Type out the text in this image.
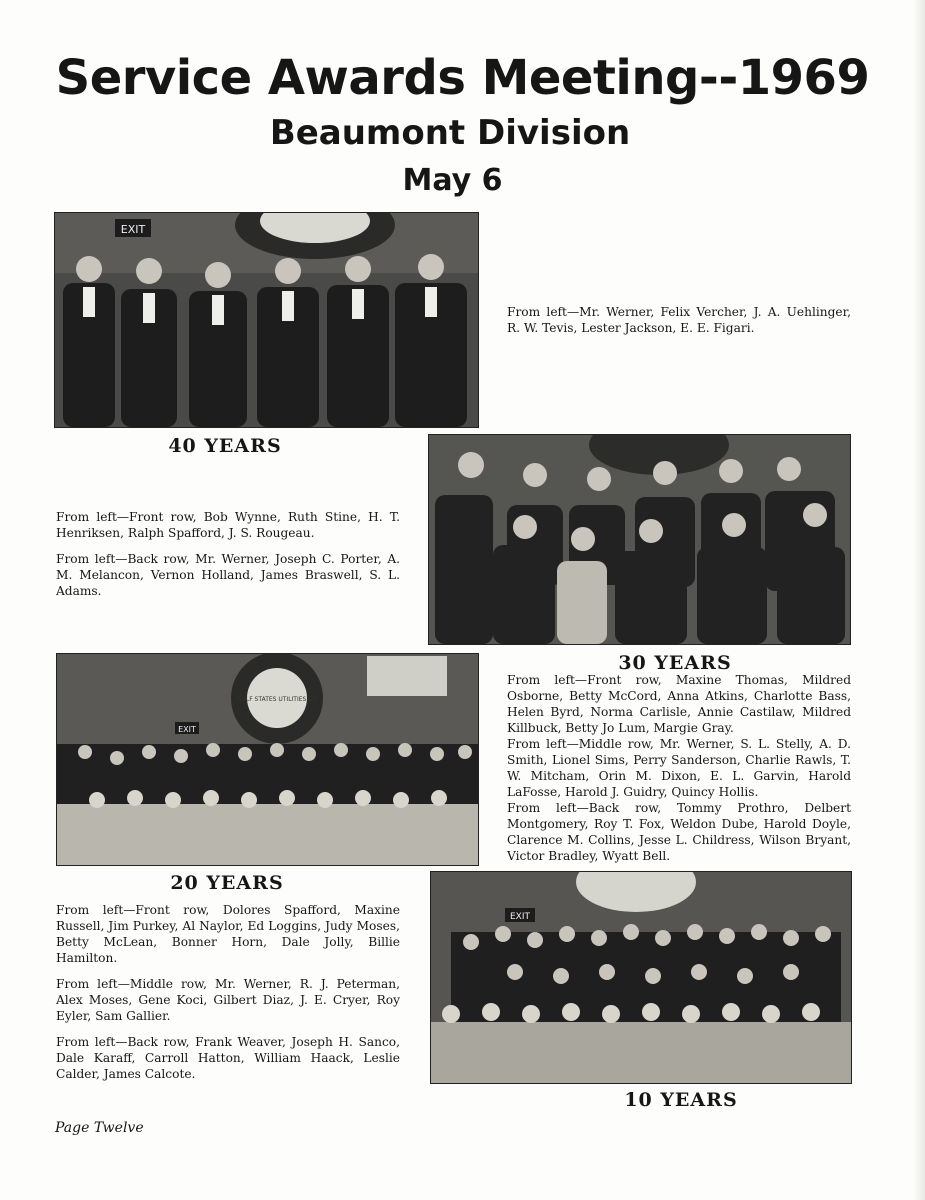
Service Awards Meeting--1969
Beaumont Division
May 6
EXIT

From left—Mr. Werner, Felix Vercher, J. A. Uehlinger, R. W. Tevis, Lester Jackson, E. E. Figari.

40 YEARS

From left—Front row, Bob Wynne, Ruth Stine, H. T. Henriksen, Ralph Spafford, J. S. Rougeau.

From left—Back row, Mr. Werner, Joseph C. Porter, A. M. Melancon, Vernon Holland, James Braswell, S. L. Adams.

30 YEARS

From left—Front row, Maxine Thomas, Mildred Osborne, Betty McCord, Anna Atkins, Charlotte Bass, Helen Byrd, Norma Carlisle, Annie Castilaw, Mildred Killbuck, Betty Jo Lum, Margie Gray.

From left—Middle row, Mr. Werner, S. L. Stelly, A. D. Smith, Lionel Sims, Perry Sanderson, Charlie Rawls, T. W. Mitcham, Orin M. Dixon, E. L. Garvin, Harold LaFosse, Harold J. Guidry, Quincy Hollis.

From left—Back row, Tommy Prothro, Delbert Montgomery, Roy T. Fox, Weldon Dube, Harold Doyle, Clarence M. Collins, Jesse L. Childress, Wilson Bryant, Victor Bradley, Wyatt Bell.

GULF STATES UTILITIES CO
EXIT
20 YEARS

From left—Front row, Dolores Spafford, Maxine Russell, Jim Purkey, Al Naylor, Ed Loggins, Judy Moses, Betty McLean, Bonner Horn, Dale Jolly, Billie Hamilton.

From left—Middle row, Mr. Werner, R. J. Peterman, Alex Moses, Gene Koci, Gilbert Diaz, J. E. Cryer, Roy Eyler, Sam Gallier.

From left—Back row, Frank Weaver, Joseph H. Sanco, Dale Karaff, Carroll Hatton, William Haack, Leslie Calder, James Calcote.

EXIT
10 YEARS
Page Twelve
